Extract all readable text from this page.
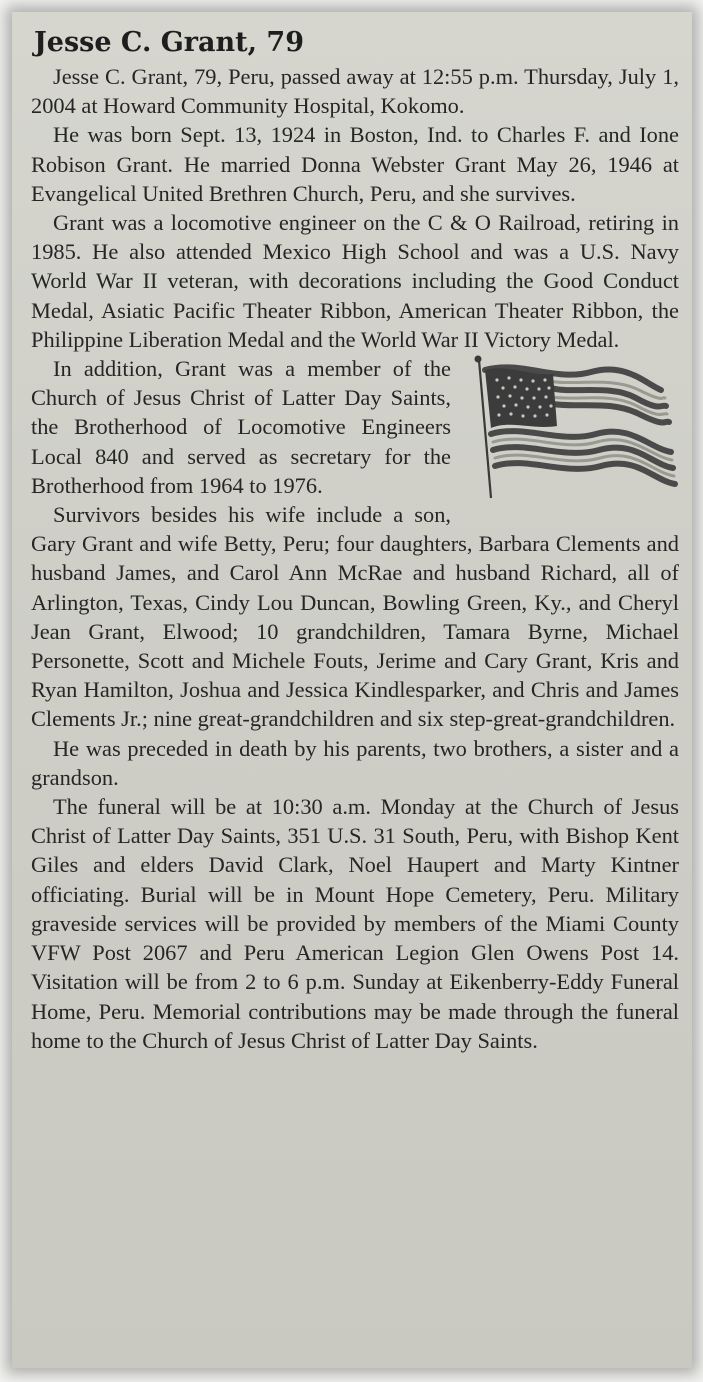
Jesse C. Grant, 79

Jesse C. Grant, 79, Peru, passed away at 12:55 p.m. Thursday, July 1, 2004 at Howard Community Hospital, Kokomo.

He was born Sept. 13, 1924 in Boston, Ind. to Charles F. and Ione Robison Grant. He married Donna Webster Grant May 26, 1946 at Evangelical United Brethren Church, Peru, and she survives.

Grant was a locomotive engineer on the C & O Railroad, retiring in 1985. He also attended Mexico High School and was a U.S. Navy World War II veteran, with decorations including the Good Conduct Medal, Asiatic Pacific Theater Ribbon, American Theater Ribbon, the Philippine Liberation Medal and the World War II Victory Medal.

In addition, Grant was a member of the Church of Jesus Christ of Latter Day Saints, the Brotherhood of Locomotive Engineers Local 840 and served as secretary for the Brotherhood from 1964 to 1976.

Survivors besides his wife include a son, Gary Grant and wife Betty, Peru; four daughters, Barbara Clements and husband James, and Carol Ann McRae and husband Richard, all of Arlington, Texas, Cindy Lou Duncan, Bowling Green, Ky., and Cheryl Jean Grant, Elwood; 10 grandchildren, Tamara Byrne, Michael Personette, Scott and Michele Fouts, Jerime and Cary Grant, Kris and Ryan Hamilton, Joshua and Jessica Kindlesparker, and Chris and James Clements Jr.; nine great-grandchildren and six step-great-grandchildren.

He was preceded in death by his parents, two brothers, a sister and a grandson.

The funeral will be at 10:30 a.m. Monday at the Church of Jesus Christ of Latter Day Saints, 351 U.S. 31 South, Peru, with Bishop Kent Giles and elders David Clark, Noel Haupert and Marty Kintner officiating. Burial will be in Mount Hope Cemetery, Peru. Military graveside services will be provided by members of the Miami County VFW Post 2067 and Peru American Legion Glen Owens Post 14. Visitation will be from 2 to 6 p.m. Sunday at Eikenberry-Eddy Funeral Home, Peru. Memorial contributions may be made through the funeral home to the Church of Jesus Christ of Latter Day Saints.
